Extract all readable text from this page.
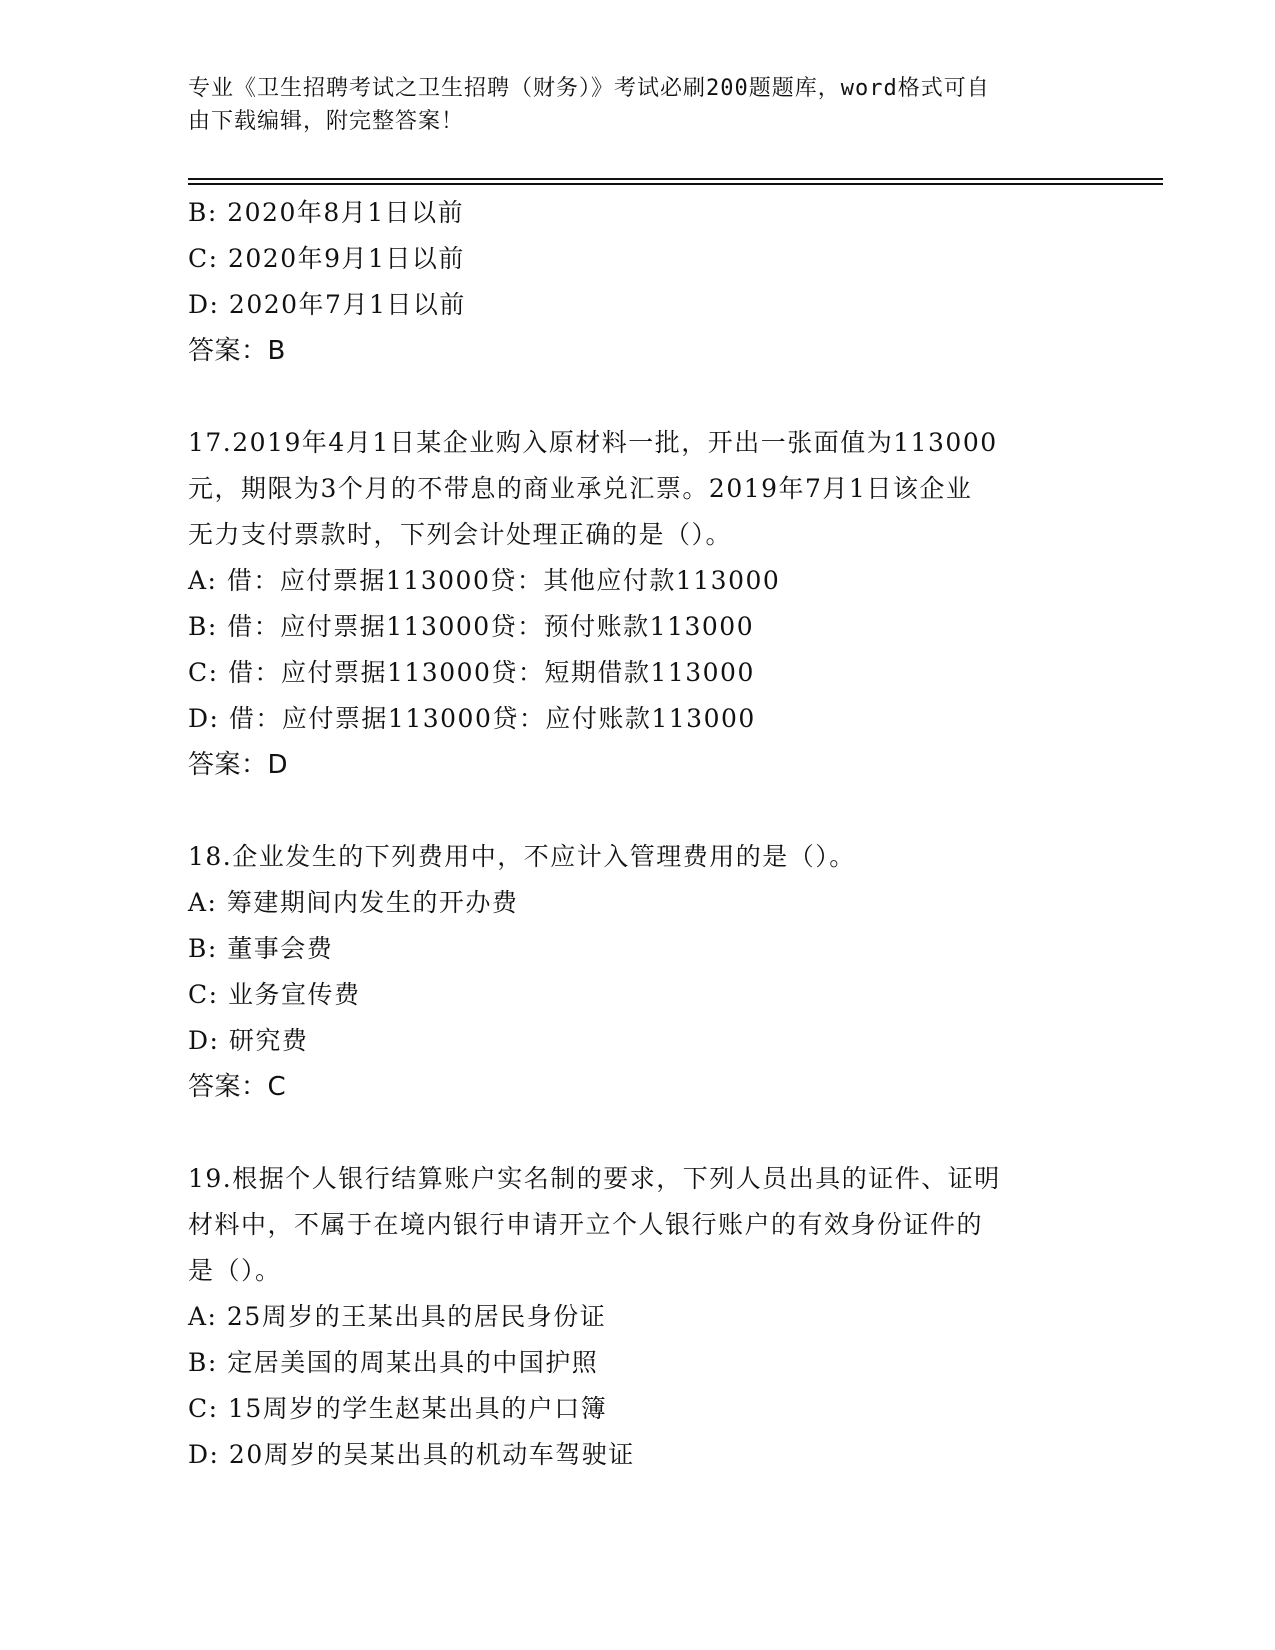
专业《卫生招聘考试之卫生招聘（财务）》考试必刷200题题库，word格式可自
由下载编辑，附完整答案！
B: 2020年8月1日以前
C: 2020年9月1日以前
D: 2020年7月1日以前
答案：B
17.2019年4月1日某企业购入原材料一批，开出一张面值为113000
元，期限为3个月的不带息的商业承兑汇票。2019年7月1日该企业
无力支付票款时，下列会计处理正确的是（）。
A: 借：应付票据113000贷：其他应付款113000
B: 借：应付票据113000贷：预付账款113000
C: 借：应付票据113000贷：短期借款113000
D: 借：应付票据113000贷：应付账款113000
答案：D
18.企业发生的下列费用中，不应计入管理费用的是（）。
A: 筹建期间内发生的开办费
B: 董事会费
C: 业务宣传费
D: 研究费
答案：C
19.根据个人银行结算账户实名制的要求，下列人员出具的证件、证明
材料中，不属于在境内银行申请开立个人银行账户的有效身份证件的
是（）。
A: 25周岁的王某出具的居民身份证
B: 定居美国的周某出具的中国护照
C: 15周岁的学生赵某出具的户口簿
D: 20周岁的吴某出具的机动车驾驶证
